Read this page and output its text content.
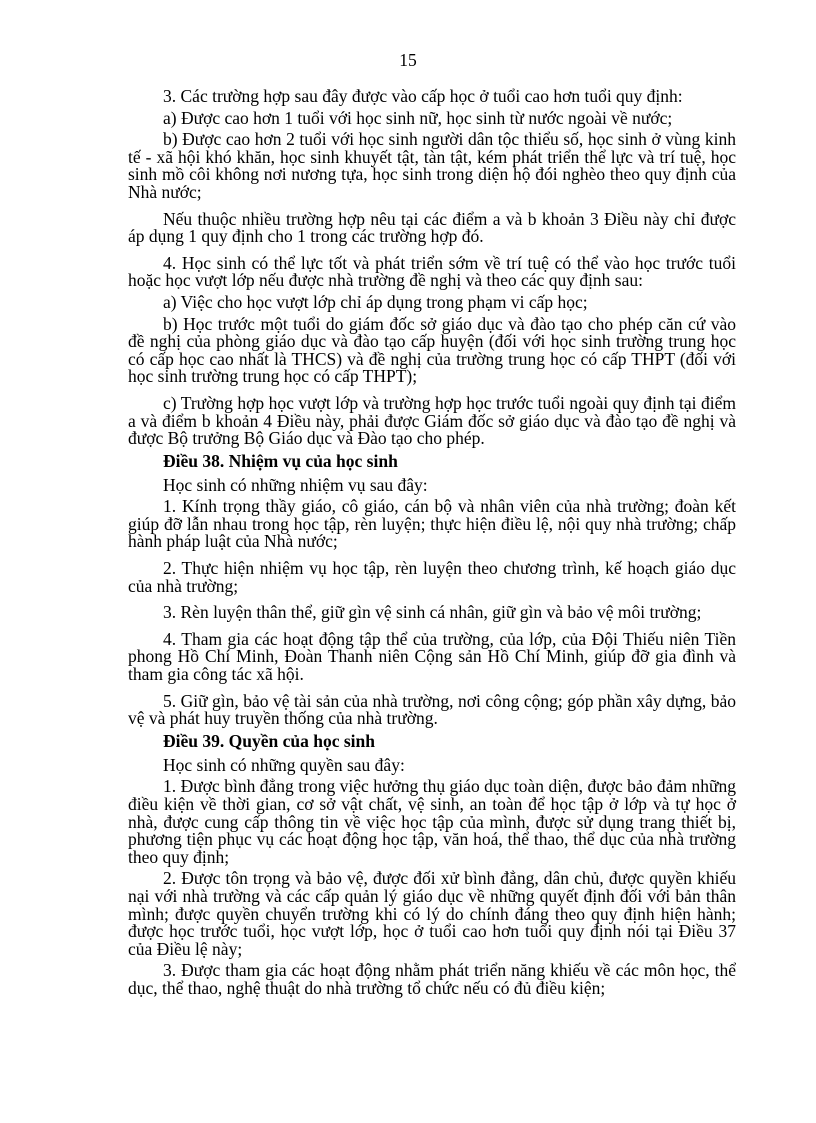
15

3. Các trường hợp sau đây được vào cấp học ở tuổi cao hơn tuổi quy định:

a) Được cao hơn 1 tuổi với học sinh nữ, học sinh từ nước ngoài về nước;

b) Được cao hơn 2 tuổi với học sinh người dân tộc thiểu số, học sinh ở vùng kinh tế - xã hội khó khăn, học sinh khuyết tật, tàn tật, kém phát triển thể lực và trí tuệ, học sinh mồ côi không nơi nương tựa, học sinh trong diện hộ đói nghèo theo quy định của Nhà nước;

Nếu thuộc nhiều trường hợp nêu tại các điểm a và b khoản 3 Điều này chỉ được áp dụng 1 quy định cho 1 trong các trường hợp đó.

4. Học sinh có thể lực tốt và phát triển sớm về trí tuệ có thể vào học trước tuổi hoặc học vượt lớp nếu được nhà trường đề nghị và theo các quy định sau:

a) Việc cho học vượt lớp chỉ áp dụng trong phạm vi cấp học;

b) Học trước một tuổi do giám đốc sở giáo dục và đào tạo cho phép căn cứ vào đề nghị của phòng giáo dục và đào tạo cấp huyện (đối với học sinh trường trung học có cấp học cao nhất là THCS) và đề nghị của trường trung học có cấp THPT (đối với học sinh trường trung học có cấp THPT);

c) Trường hợp học vượt lớp và trường hợp học trước tuổi ngoài quy định tại điểm a và điểm b khoản 4 Điều này, phải được Giám đốc sở giáo dục và đào tạo đề nghị và được Bộ trưởng Bộ Giáo dục và Đào tạo cho phép.

Điều 38. Nhiệm vụ của học sinh

Học sinh có những nhiệm vụ sau đây:

1. Kính trọng thầy giáo, cô giáo, cán bộ và nhân viên của nhà trường; đoàn kết giúp đỡ lẫn nhau trong học tập, rèn luyện; thực hiện điều lệ, nội quy nhà trường; chấp hành pháp luật của Nhà nước;

2. Thực hiện nhiệm vụ học tập, rèn luyện theo chương trình, kế hoạch giáo dục của nhà trường;

3. Rèn luyện thân thể, giữ gìn vệ sinh cá nhân, giữ gìn và bảo vệ môi trường;

4. Tham gia các hoạt động tập thể của trường, của lớp, của Đội Thiếu niên Tiền phong Hồ Chí Minh, Đoàn Thanh niên Cộng sản Hồ Chí Minh, giúp đỡ gia đình và tham gia công tác xã hội.

5. Giữ gìn, bảo vệ tài sản của nhà trường, nơi công cộng; góp phần xây dựng, bảo vệ và phát huy truyền thống của nhà trường.

Điều 39. Quyền của học sinh

Học sinh có những quyền sau đây:

1. Được bình đẳng trong việc hưởng thụ giáo dục toàn diện, được bảo đảm những điều kiện về thời gian, cơ sở vật chất, vệ sinh, an toàn để học tập ở lớp và tự học ở nhà, được cung cấp thông tin về việc học tập của mình, được sử dụng trang thiết bị, phương tiện phục vụ các hoạt động học tập, văn hoá, thể thao, thể dục của nhà trường theo quy định;

2. Được tôn trọng và bảo vệ, được đối xử bình đẳng, dân chủ, được quyền khiếu nại với nhà trường và các cấp quản lý giáo dục về những quyết định đối với bản thân mình; được quyền chuyển trường khi có lý do chính đáng theo quy định hiện hành; được học trước tuổi, học vượt lớp, học ở tuổi cao hơn tuổi quy định nói tại Điều 37 của Điều lệ này;

3. Được tham gia các hoạt động nhằm phát triển năng khiếu về các môn học, thể dục, thể thao, nghệ thuật do nhà trường tổ chức nếu có đủ điều kiện;
